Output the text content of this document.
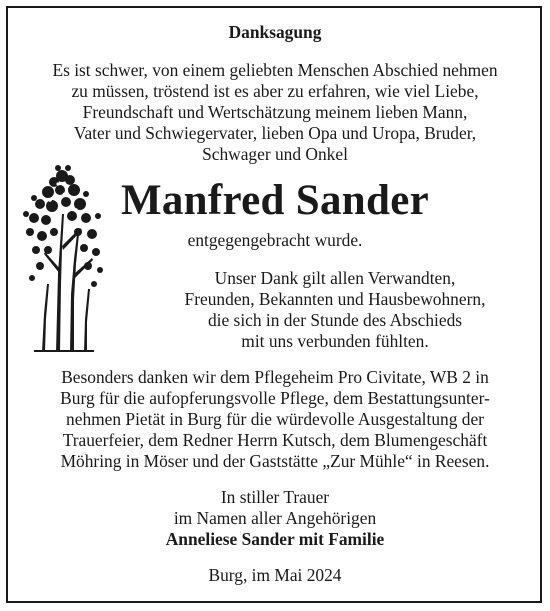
Danksagung
Es ist schwer, von einem geliebten Menschen Abschied nehmen
zu müssen, tröstend ist es aber zu erfahren, wie viel Liebe,
Freundschaft und Wertschätzung meinem lieben Mann,
Vater und Schwiegervater, lieben Opa und Uropa, Bruder,
Schwager und Onkel
Manfred Sander
entgegengebracht wurde.
Unser Dank gilt allen Verwandten,
Freunden, Bekannten und Hausbewohnern,
die sich in der Stunde des Abschieds
mit uns verbunden fühlten.
Besonders danken wir dem Pflegeheim Pro Civitate, WB 2 in
Burg für die aufopferungsvolle Pflege, dem Bestattungsunter-
nehmen Pietät in Burg für die würdevolle Ausgestaltung der
Trauerfeier, dem Redner Herrn Kutsch, dem Blumengeschäft
Möhring in Möser und der Gaststätte „Zur Mühle“ in Reesen.
In stiller Trauer
im Namen aller Angehörigen
Anneliese Sander mit Familie
Burg, im Mai 2024
